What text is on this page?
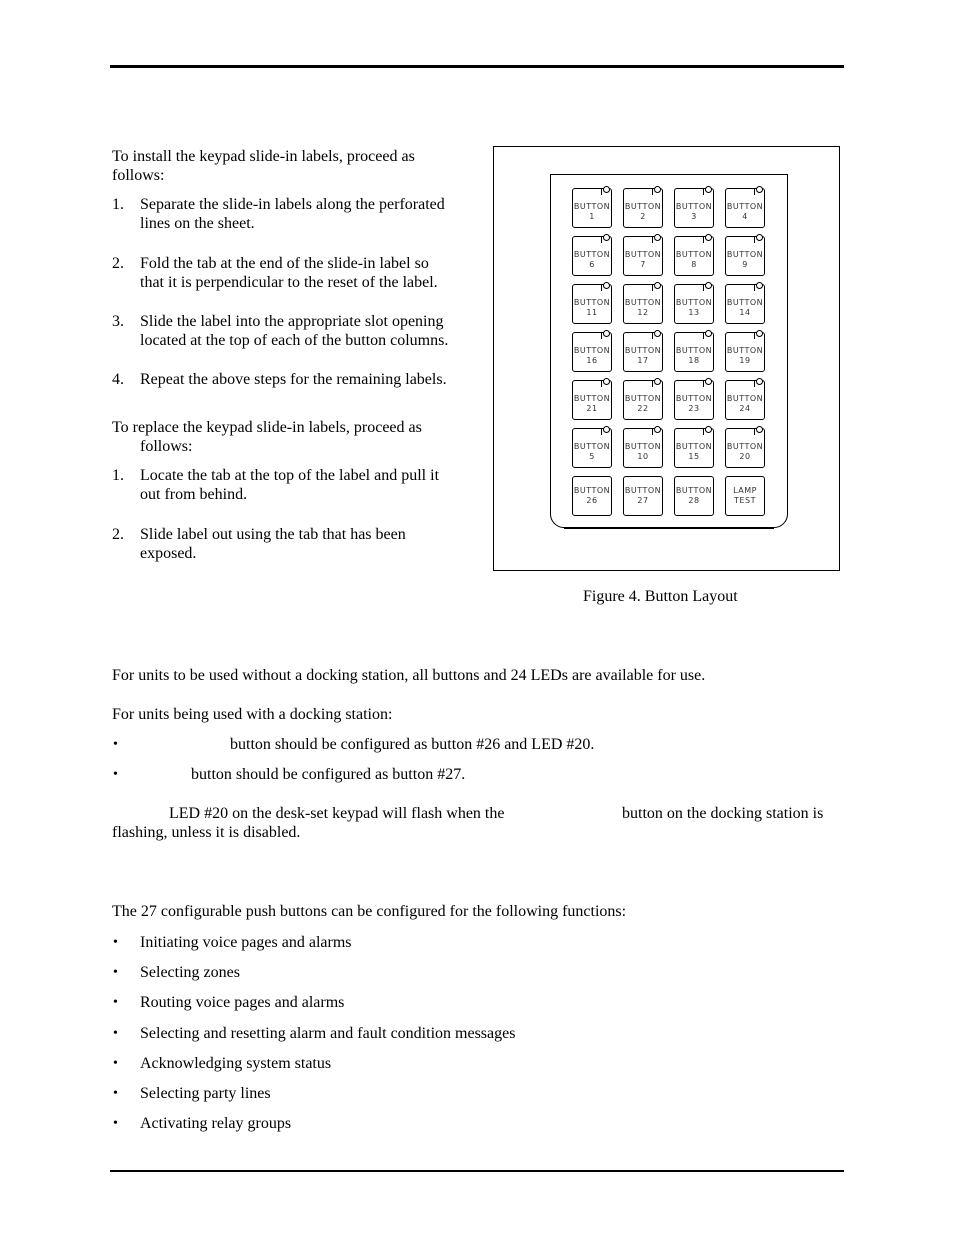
To install the keypad slide-in labels, proceed as
follows:
1.	Separate the slide-in labels along the perforated
lines on the sheet.
2.	Fold the tab at the end of the slide-in label so
that it is perpendicular to the reset of the label.
3.	Slide the label into the appropriate slot opening
located at the top of each of the button columns.
4.	Repeat the above steps for the remaining labels.
To replace the keypad slide-in labels, proceed as
follows:
1.	Locate the tab at the top of the label and pull it
out from behind.
2.	Slide label out using the tab that has been
exposed.
BUTTON
1
BUTTON
2
BUTTON
3
BUTTON
4
BUTTON
6
BUTTON
7
BUTTON
8
BUTTON
9
BUTTON
11
BUTTON
12
BUTTON
13
BUTTON
14
BUTTON
16
BUTTON
17
BUTTON
18
BUTTON
19
BUTTON
21
BUTTON
22
BUTTON
23
BUTTON
24
BUTTON
5
BUTTON
10
BUTTON
15
BUTTON
20
BUTTON
26
BUTTON
27
BUTTON
28
LAMP
TEST
Figure 4. Button Layout
For units to be used without a docking station, all buttons and 24 LEDs are available for use.
For units being used with a docking station:
•	button should be configured as button #26 and LED #20.
•	button should be configured as button #27.
LED #20 on the desk-set keypad will flash when the	button on the docking station is
flashing, unless it is disabled.
The 27 configurable push buttons can be configured for the following functions:
• Initiating voice pages and alarms
• Selecting zones
• Routing voice pages and alarms
• Selecting and resetting alarm and fault condition messages
• Acknowledging system status
• Selecting party lines
• Activating relay groups
